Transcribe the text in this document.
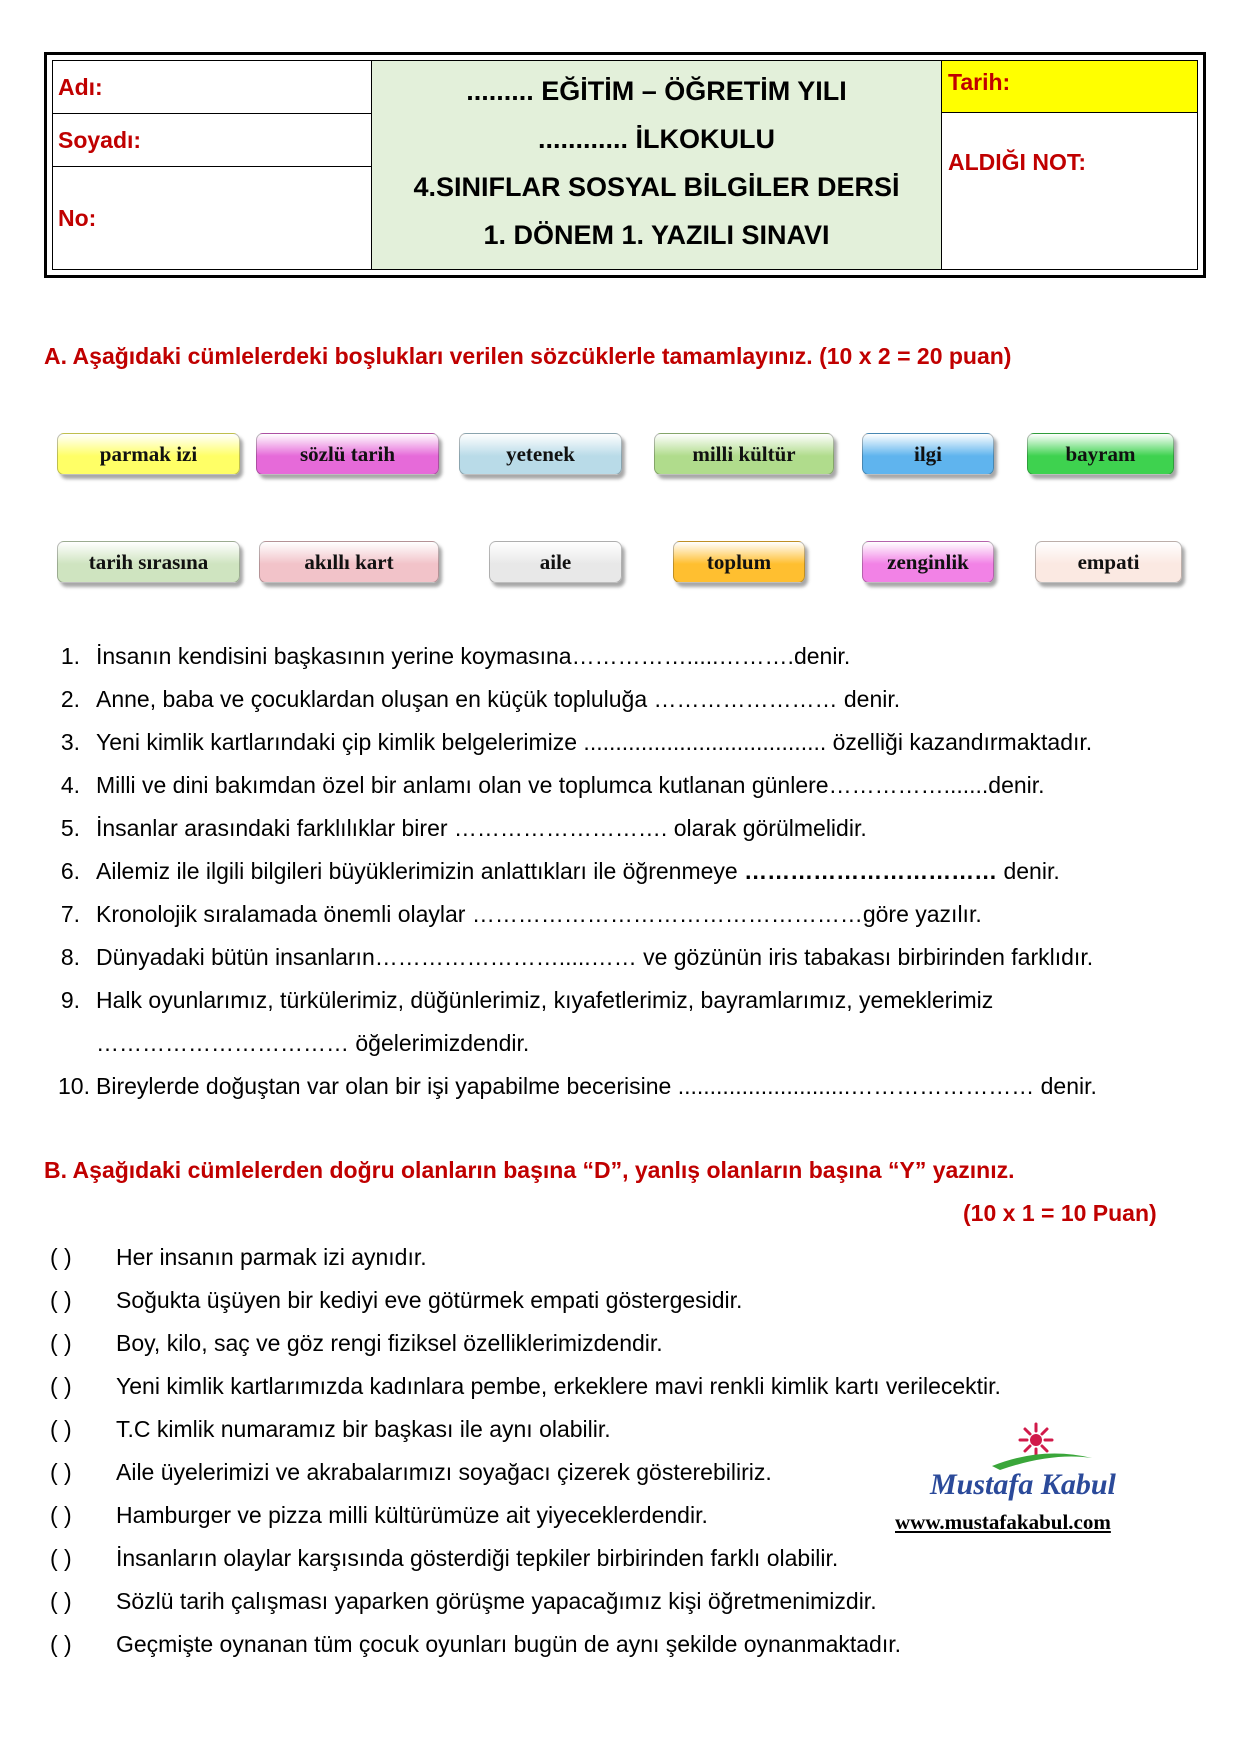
Adı:
Soyadı:
No:
......... EĞİTİM – ÖĞRETİM YILI
............ İLKOKULU
4.SINIFLAR SOSYAL BİLGİLER DERSİ
1. DÖNEM 1. YAZILI SINAVI
Tarih:
ALDIĞI NOT:
A. Aşağıdaki cümlelerdeki boşlukları verilen sözcüklerle tamamlayınız. (10 x 2 = 20 puan)
parmak izi	sözlü tarih	yetenek	milli kültür	ilgi	bayram
tarih sırasına	akıllı kart	aile	toplum	zenginlik	empati
1. İnsanın kendisini başkasının yerine koymasına…………….....……….denir.
2. Anne, baba ve çocuklardan oluşan en küçük topluluğa …………………… denir.
3. Yeni kimlik kartlarındaki çip kimlik belgelerimize ...................................... özelliği kazandırmaktadır.
4. Milli ve dini bakımdan özel bir anlamı olan ve toplumca kutlanan günlere…………….......denir.
5. İnsanlar arasındaki farklılıklar birer ………………………. olarak görülmelidir.
6. Ailemiz ile ilgili bilgileri büyüklerimizin anlattıkları ile öğrenmeye …………………………… denir.
7. Kronolojik sıralamada önemli olaylar ……………………………………………göre yazılır.
8. Dünyadaki bütün insanların…………………….....…… ve gözünün iris tabakası birbirinden farklıdır.
9. Halk oyunlarımız, türkülerimiz, düğünlerimiz, kıyafetlerimiz, bayramlarımız, yemeklerimiz
…………………………… öğelerimizdendir.
10. Bireylerde doğuştan var olan bir işi yapabilme becerisine ...........................…………………… denir.
B. Aşağıdaki cümlelerden doğru olanların başına “D”, yanlış olanların başına “Y” yazınız.
(10 x 1 = 10 Puan)
( ) Her insanın parmak izi aynıdır.
( ) Soğukta üşüyen bir kediyi eve götürmek empati göstergesidir.
( ) Boy, kilo, saç ve göz rengi fiziksel özelliklerimizdendir.
( ) Yeni kimlik kartlarımızda kadınlara pembe, erkeklere mavi renkli kimlik kartı verilecektir.
( ) T.C kimlik numaramız bir başkası ile aynı olabilir.
( ) Aile üyelerimizi ve akrabalarımızı soyağacı çizerek gösterebiliriz.
( ) Hamburger ve pizza milli kültürümüze ait yiyeceklerdendir.
( ) İnsanların olaylar karşısında gösterdiği tepkiler birbirinden farklı olabilir.
( ) Sözlü tarih çalışması yaparken görüşme yapacağımız kişi öğretmenimizdir.
( ) Geçmişte oynanan tüm çocuk oyunları bugün de aynı şekilde oynanmaktadır.
Mustafa Kabul
www.mustafakabul.com
